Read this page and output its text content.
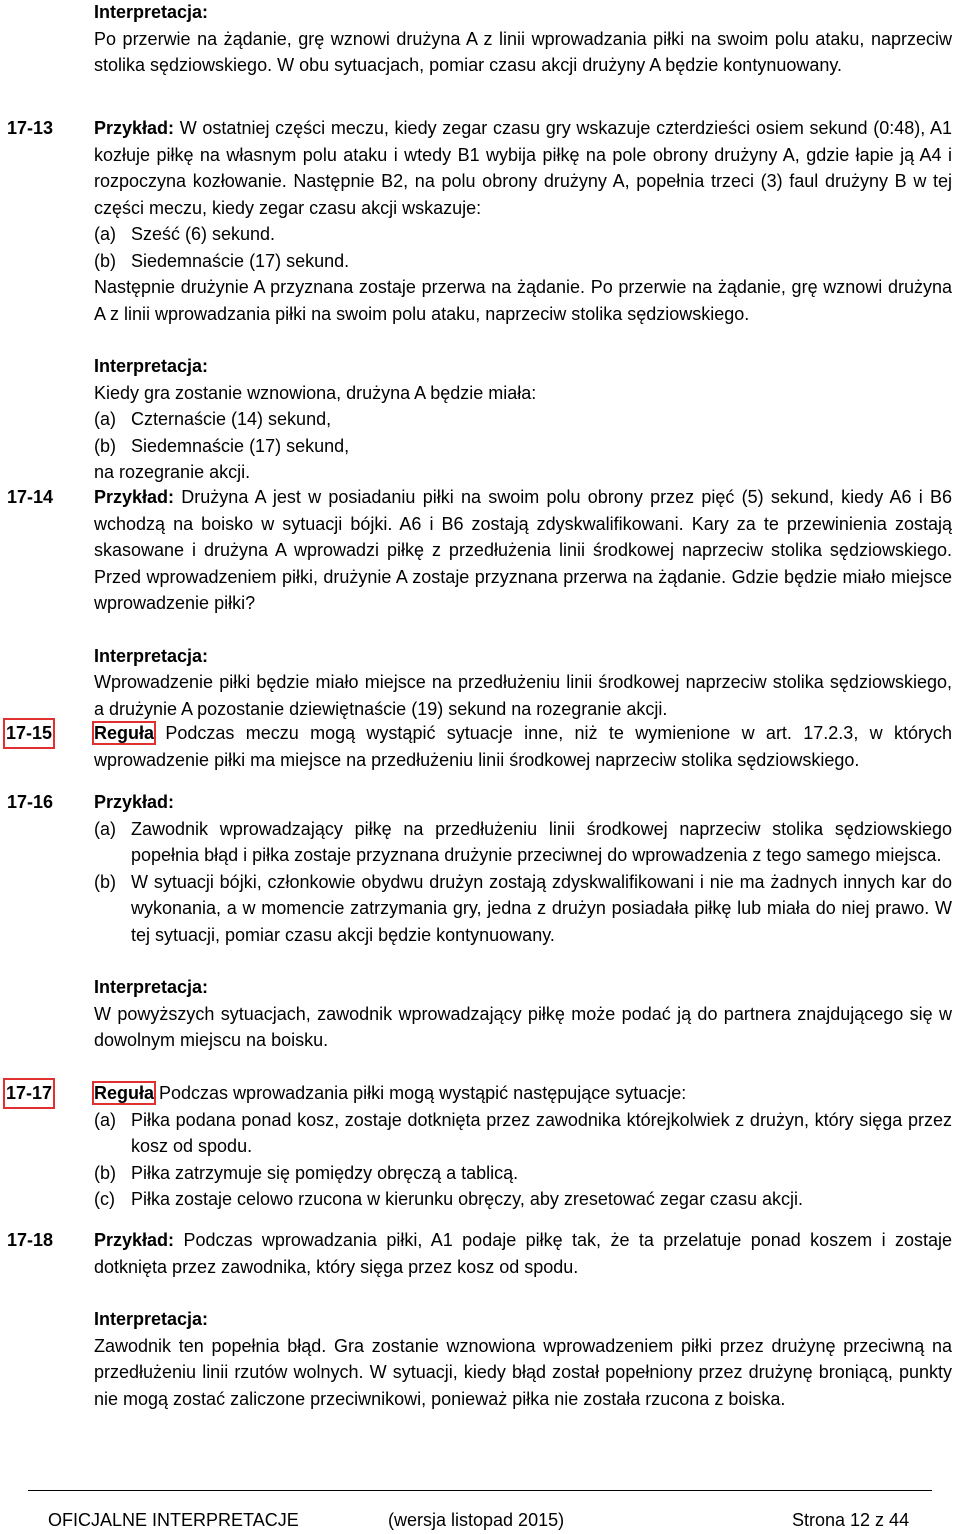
Interpretacja:

Po przerwie na żądanie, grę wznowi drużyna A z linii wprowadzania piłki na swoim polu ataku, naprzeciw stolika sędziowskiego. W obu sytuacjach, pomiar czasu akcji drużyny A będzie kontynuowany.

17-13 Przykład: W ostatniej części meczu, kiedy zegar czasu gry wskazuje czterdzieści osiem sekund (0:48), A1 kozłuje piłkę na własnym polu ataku i wtedy B1 wybija piłkę na pole obrony drużyny A, gdzie łapie ją A4 i rozpoczyna kozłowanie. Następnie B2, na polu obrony drużyny A, popełnia trzeci (3) faul drużyny B w tej części meczu, kiedy zegar czasu akcji wskazuje:

(a) Sześć (6) sekund.
(b) Siedemnaście (17) sekund.

Następnie drużynie A przyznana zostaje przerwa na żądanie. Po przerwie na żądanie, grę wznowi drużyna A z linii wprowadzania piłki na swoim polu ataku, naprzeciw stolika sędziowskiego.

Interpretacja:

Kiedy gra zostanie wznowiona, drużyna A będzie miała:

(a) Czternaście (14) sekund,
(b) Siedemnaście (17) sekund,

na rozegranie akcji.

17-14 Przykład: Drużyna A jest w posiadaniu piłki na swoim polu obrony przez pięć (5) sekund, kiedy A6 i B6 wchodzą na boisko w sytuacji bójki. A6 i B6 zostają zdyskwalifikowani. Kary za te przewinienia zostają skasowane i drużyna A wprowadzi piłkę z przedłużenia linii środkowej naprzeciw stolika sędziowskiego. Przed wprowadzeniem piłki, drużynie A zostaje przyznana przerwa na żądanie. Gdzie będzie miało miejsce wprowadzenie piłki?

Interpretacja:

Wprowadzenie piłki będzie miało miejsce na przedłużeniu linii środkowej naprzeciw stolika sędziowskiego, a drużynie A pozostanie dziewiętnaście (19) sekund na rozegranie akcji.

17-15 Reguła Podczas meczu mogą wystąpić sytuacje inne, niż te wymienione w art. 17.2.3, w których wprowadzenie piłki ma miejsce na przedłużeniu linii środkowej naprzeciw stolika sędziowskiego.

17-16 Przykład:

(a) Zawodnik wprowadzający piłkę na przedłużeniu linii środkowej naprzeciw stolika sędziowskiego popełnia błąd i piłka zostaje przyznana drużynie przeciwnej do wprowadzenia z tego samego miejsca.
(b) W sytuacji bójki, członkowie obydwu drużyn zostają zdyskwalifikowani i nie ma żadnych innych kar do wykonania, a w momencie zatrzymania gry, jedna z drużyn posiadała piłkę lub miała do niej prawo. W tej sytuacji, pomiar czasu akcji będzie kontynuowany.

Interpretacja:

W powyższych sytuacjach, zawodnik wprowadzający piłkę może podać ją do partnera znajdującego się w dowolnym miejscu na boisku.

17-17 Reguła Podczas wprowadzania piłki mogą wystąpić następujące sytuacje:

(a) Piłka podana ponad kosz, zostaje dotknięta przez zawodnika którejkolwiek z drużyn, który sięga przez kosz od spodu.
(b) Piłka zatrzymuje się pomiędzy obręczą a tablicą.
(c) Piłka zostaje celowo rzucona w kierunku obręczy, aby zresetować zegar czasu akcji.
17-18 Przykład: Podczas wprowadzania piłki, A1 podaje piłkę tak, że ta przelatuje ponad koszem i zostaje dotknięta przez zawodnika, który sięga przez kosz od spodu.

Interpretacja:

Zawodnik ten popełnia błąd. Gra zostanie wznowiona wprowadzeniem piłki przez drużynę przeciwną na przedłużeniu linii rzutów wolnych. W sytuacji, kiedy błąd został popełniony przez drużynę broniącą, punkty nie mogą zostać zaliczone przeciwnikowi, ponieważ piłka nie została rzucona z boiska.

OFICJALNE INTERPRETACJE	(wersja listopad 2015)	Strona 12 z 44
